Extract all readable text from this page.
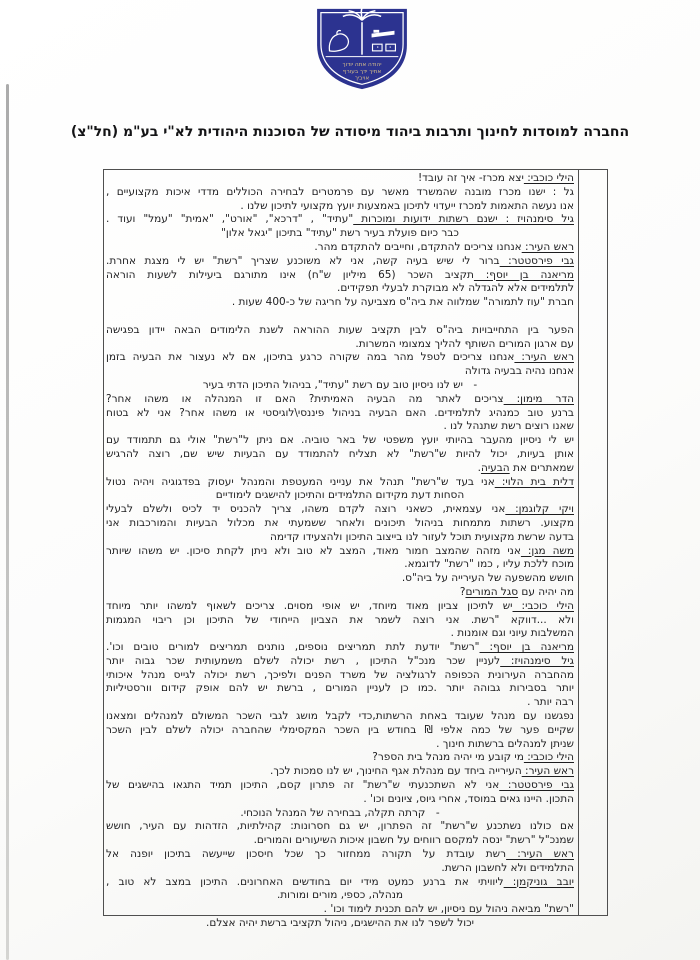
יהודה אתה יודוך
אחיך ידך בעורף
אויביך
החברה למוסדות לחינוך ותרבות ביהוד מיסודה של הסוכנות היהודית לא"י בע"מ (חל"צ)
הילי כוכבי: יצא מכרז- איך זה עובד!
גל : ישנו מכרז מובנה שהמשרד מאשר עם פרמטרים לבחירה הכוללים מדדי איכות מקצועיים ,
אנו נעשה התאמות למכרז ייעדוי לתיכון באמצעות יועץ מקצועי לתיכון שלנו .
גיל סימנהויז : ישנם רשתות ידועות ומוכרות "עתיד" , "דרכא", "אורט", "אמית" "עמל" ועוד .
כבר כיום פועלת בעיר רשת "עתיד" בתיכון "יגאל אלון"
ראש העיר: אנחנו צריכים להתקדם, וחייבים להתקדם מהר.
גבי פירסטטר: ברור לי שיש בעיה קשה, אני לא משוכנע שצריך "רשת" יש לי מצגת אחרת.
מריאנה בן יוסף: תקציב השכר (65 מיליון ש"ח) אינו מתורגם ביעילות לשעות הוראה
לתלמידים אלא להגדלה לא מבוקרת לבעלי תפקידים.
חברת "עוז לתמורה" שמלווה את ביה"ס מצביעה על חריגה של כ-400 שעות .
הפער בין התחייבויות ביה"ס לבין תקציב שעות ההוראה לשנת הלימודים הבאה יידון בפגישה
עם ארגון המורים השותף להליך צמצומי המשרות.
ראש העיר: אנחנו צריכים לטפל מהר במה שקורה כרגע בתיכון, אם לא נעצור את הבעיה בזמן
אנחנו נהיה בבעיה גדולה
- יש לנו ניסיון טוב עם רשת "עתיד", בניהול התיכון הדתי בעיר
הדר מימון: צריכים לאתר מה הבעיה האמיתית? האם זו המנהלה או משהו אחר?
ברנע טוב כמנהיג לתלמידים. האם הבעיה בניהול פיננסי\לוגיסטי או משהו אחר? אני לא בטוח
שאנו רוצים רשת שתנהל לנו .
יש לי ניסיון מהעבר בהיותי יועץ משפטי של באר טוביה. אם ניתן ל"רשת" אולי גם תתמודד עם
אותן בעיות, יכול להיות ש"רשת" לא תצליח להתמודד עם הבעיות שיש שם, רוצה להרגיש
שמאתרים את הבעיה.
דלית בית הלוי: אני בעד ש"רשת" תנהל את ענייני המעטפת והמנהל יעסוק בפדגוגיה ויהיה נטול
הסחות דעת מקידום התלמידים והתיכון להישגים לימודיים
ויקי קלוגמן: אני עצמאית, כשאני רוצה לקדם משהו, צריך להכניס יד לכיס ולשלם לבעלי
מקצוע. רשתות מתמחות בניהול תיכונים ולאחר ששמעתי את מכלול הבעיות והמורכבות אני
בדעה שרשת מקצועית תוכל לעזור לנו בייצוב התיכון ולהצעידו קדימה
משה מגן: אני מזהה שהמצב חמור מאוד, המצב לא טוב ולא ניתן לקחת סיכון. יש משהו שיותר
מוכח ללכת עליו , כמו "רשת" לדוגמא.
חושש מהשפעה של העירייה על ביה"ס.
מה יהיה עם סגל המורים?
הילי כוכבי: יש לתיכון צביון מאוד מיוחד, יש אופי מסוים. צריכים לשאוף למשהו יותר מיוחד
ולא ...דווקא "רשת. אני רוצה לשמר את הצביון הייחודי של התיכון וכן ריבוי המגמות
המשלבות עיוני וגם אומנות .
מריאנה בן יוסף: "רשת" יודעת לתת תמריצים נוספים, נותנים תמריצים למורים טובים וכו'.
גיל סימנהויז: לעניין שכר מנכ"ל התיכון , רשת יכולה לשלם משמעותית שכר גבוה יותר
מהחברה העירונית הכפופה לרגולציה של משרד הפנים ולפיכך, רשת יכולה לגייס מנהל איכותי
יותר בסבירות גבוהה יותר .כמו כן לעניין המורים , ברשת יש להם אופק קידום וורסטיליות
רבה יותר .
נפגשנו עם מנהל שעובד באחת הרשתות,כדי לקבל מושג לגבי השכר המשולם למנהלים ומצאנו
שקיים פער של כמה אלפי ₪ בחודש בין השכר המקסימלי שהחברה יכולה לשלם לבין השכר
שניתן למנהלים ברשתות חינוך .
הילי כוכבי: מי קובע מי יהיה מנהל בית הספר?
ראש העיר: העירייה ביחד עם מנהלת אגף החינוך, יש לנו סמכות לכך.
גבי פירסטטר: אני לא השתכנעתי ש"רשת" זה פתרון קסם, התיכון תמיד התגאו בהישגים של
התכון. היינו גאים במוסד, אחרי גיוס, ציונים וכו' .
- קרתה תקלה, בבחירה של המנהל הנוכחי.
אם כולנו נשתכנע ש"רשת" זה הפתרון, יש גם חסרונות: קהילתיות, הזדהות עם העיר, חושש
שמנכ"ל "רשת" ינסה למקסם רווחים על חשבון איכות השיעורים והמורים.
ראש העיר: רשת עובדת על תקורה ממחזור כך שכל חיסכון שייעשה בתיכון יופנה אל
התלמידים ולא לחשבון הרשת.
יובב גוניקמן: ליוויתי את ברנע כמעט מידי יום בחודשים האחרונים. התיכון במצב לא טוב ,
מנהלה, כספי, מורים ומורות.
"רשת" מביאה ניהול עם ניסיון, יש להם תכנית לימוד וכו' .
יכול לשפר לנו את ההישגים, ניהול תקציבי ברשת יהיה אצלם.
